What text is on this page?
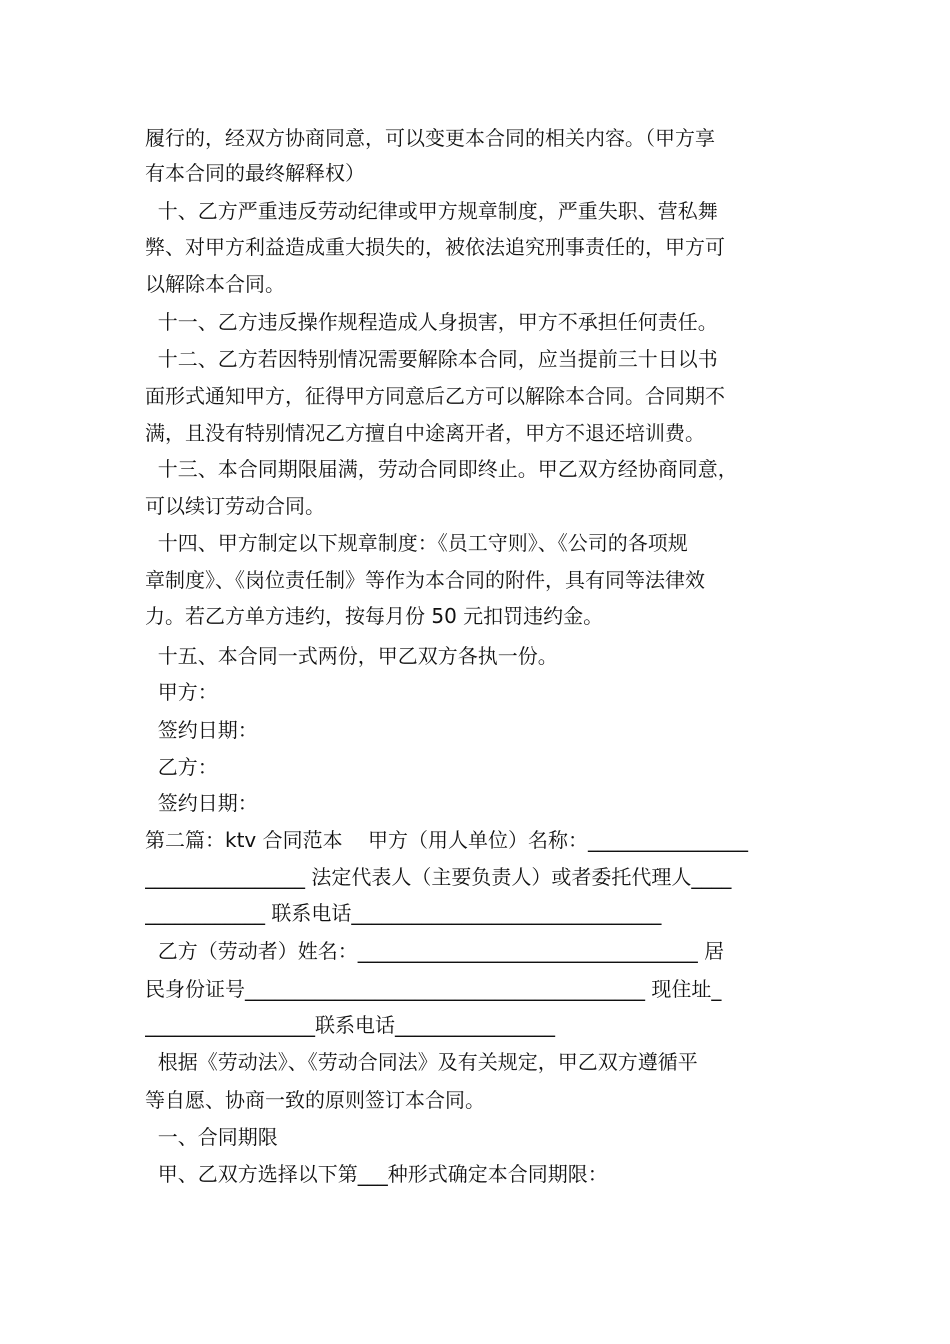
履行的，经双方协商同意，可以变更本合同的相关内容。（甲方享
有本合同的最终解释权）
十、乙方严重违反劳动纪律或甲方规章制度，严重失职、营私舞
弊、对甲方利益造成重大损失的，被依法追究刑事责任的，甲方可
以解除本合同。
十一、乙方违反操作规程造成人身损害，甲方不承担任何责任。
十二、乙方若因特别情况需要解除本合同，应当提前三十日以书
面形式通知甲方，征得甲方同意后乙方可以解除本合同。合同期不
满，且没有特别情况乙方擅自中途离开者，甲方不退还培训费。
十三、本合同期限届满，劳动合同即终止。甲乙双方经协商同意，
可以续订劳动合同。
十四、甲方制定以下规章制度：《员工守则》、《公司的各项规
章制度》、《岗位责任制》等作为本合同的附件，具有同等法律效
力。若乙方单方违约，按每月份 50 元扣罚违约金。
十五、本合同一式两份，甲乙双方各执一份。
甲方：
签约日期：
乙方：
签约日期：
第二篇：ktv 合同范本    甲方（用人单位）名称：________________
________________ 法定代表人（主要负责人）或者委托代理人____
____________ 联系电话_______________________________
乙方（劳动者）姓名：__________________________________ 居
民身份证号________________________________________ 现住址_
_________________联系电话________________
根据《劳动法》、《劳动合同法》及有关规定，甲乙双方遵循平
等自愿、协商一致的原则签订本合同。
一、合同期限
甲、乙双方选择以下第___种形式确定本合同期限：
